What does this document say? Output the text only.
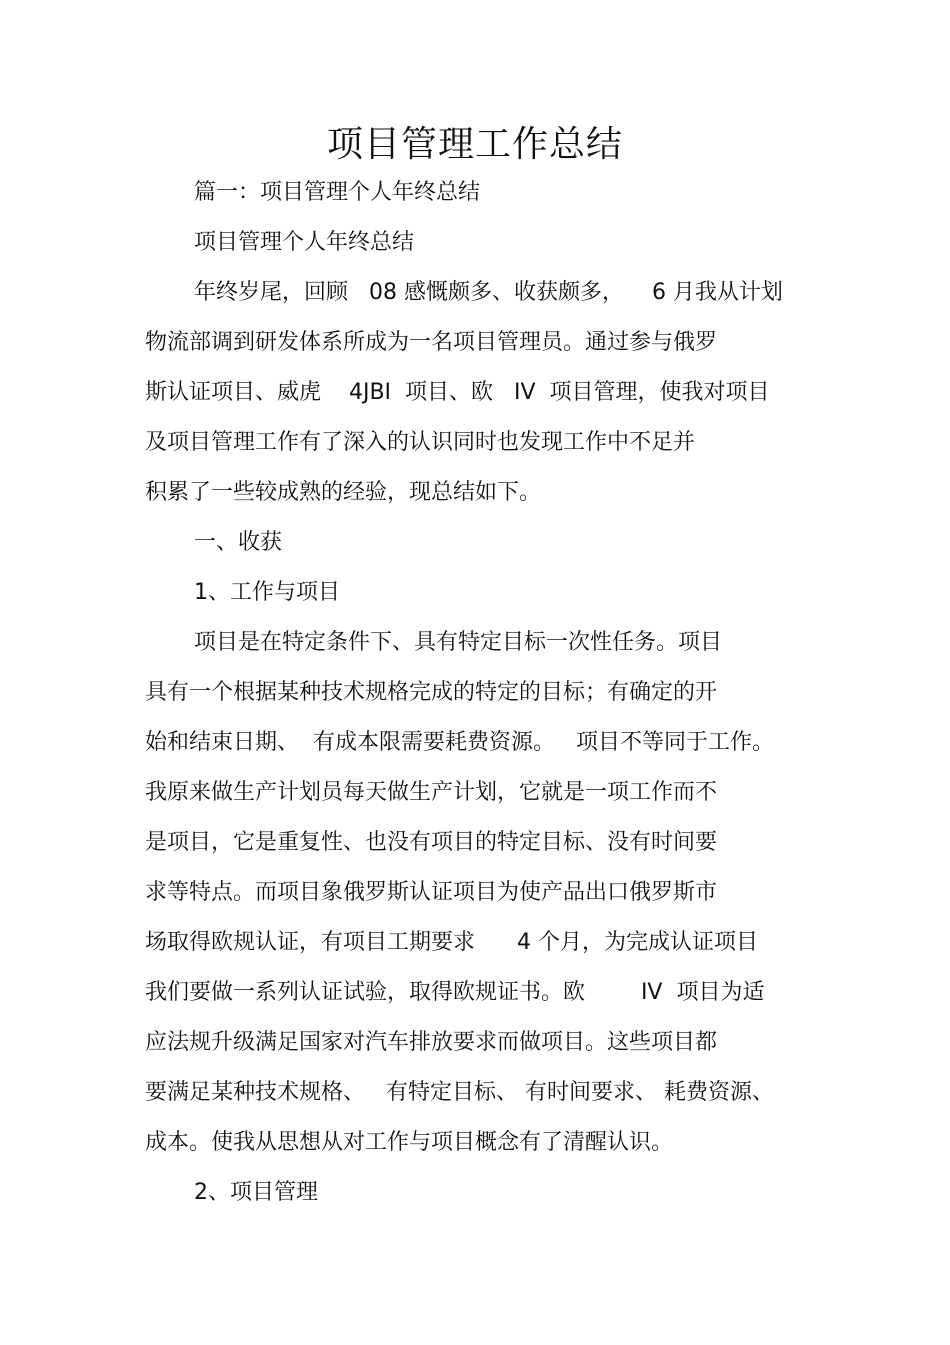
项目管理工作总结
篇一：项目管理个人年终总结
项目管理个人年终总结
年终岁尾，回顾   08 感慨颇多、收获颇多，    6 月我从计划
物流部调到研发体系所成为一名项目管理员。通过参与俄罗
斯认证项目、威虎    4JBI  项目、欧   IV  项目管理，使我对项目
及项目管理工作有了深入的认识同时也发现工作中不足并
积累了一些较成熟的经验，现总结如下。
一、收获
1、工作与项目
项目是在特定条件下、具有特定目标一次性任务。项目
具有一个根据某种技术规格完成的特定的目标；有确定的开
始和结束日期、  有成本限需要耗费资源。   项目不等同于工作。
我原来做生产计划员每天做生产计划，它就是一项工作而不
是项目，它是重复性、也没有项目的特定目标、没有时间要
求等特点。而项目象俄罗斯认证项目为使产品出口俄罗斯市
场取得欧规认证，有项目工期要求      4 个月，为完成认证项目
我们要做一系列认证试验，取得欧规证书。欧        IV  项目为适
应法规升级满足国家对汽车排放要求而做项目。这些项目都
要满足某种技术规格、   有特定目标、 有时间要求、 耗费资源、
成本。使我从思想从对工作与项目概念有了清醒认识。
2、项目管理
